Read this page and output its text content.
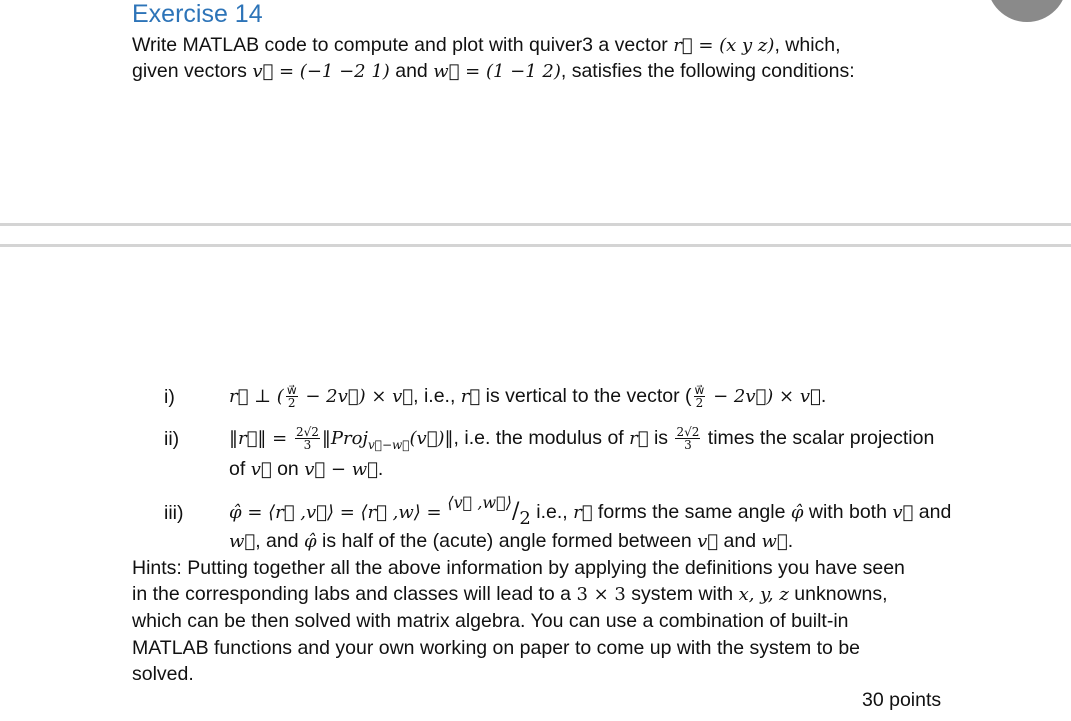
Exercise 14
Write MATLAB code to compute and plot with quiver3 a vector r⃗ = (x y z), which,
given vectors v⃗ = (−1 −2 1) and w⃗ = (1 −1 2), satisfies the following conditions:
i)	r⃗ ⊥ ( $\frac{w⃗}{2}$ − 2v⃗) × v⃗, i.e., r⃗ is vertical to the vector ( $\frac{w⃗}{2}$ − 2v⃗) × v⃗.
ii)	‖r⃗‖ = $\frac{2√2}{3}$ ‖Proj$_{v⃗-w⃗}$(v⃗)‖, i.e. the modulus of r⃗ is $\frac{2√2}{3}$ times the scalar projection
of v⃗ on v⃗ − w⃗.
iii)	φ̂ = ⟨r⃗ ,v⃗⟩ = ⟨r⃗ ,w⟩ = $^{⟨v⃗ ,w⃗⟩}$/2 i.e., r⃗ forms the same angle φ̂ with both v⃗ and
w⃗, and φ̂ is half of the (acute) angle formed between v⃗ and w⃗.
Hints: Putting together all the above information by applying the definitions you have seen
in the corresponding labs and classes will lead to a 3 × 3 system with x, y, z unknowns,
which can be then solved with matrix algebra. You can use a combination of built-in
MATLAB functions and your own working on paper to come up with the system to be
solved.
30 points
